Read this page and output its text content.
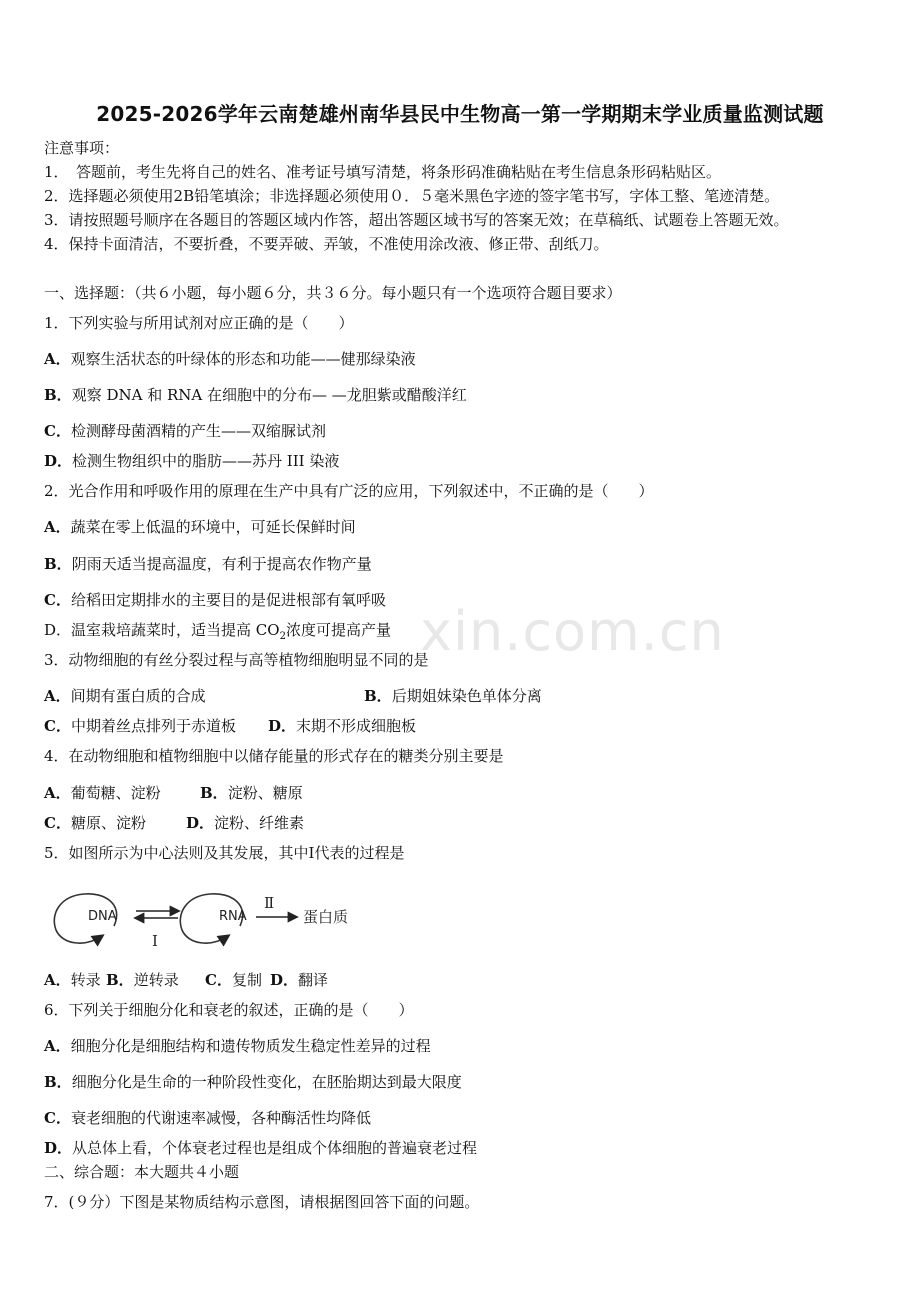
2025-2026学年云南楚雄州南华县民中生物高一第一学期期末学业质量监测试题
注意事项：
1．　答题前，考生先将自己的姓名、准考证号填写清楚，将条形码准确粘贴在考生信息条形码粘贴区。
2．选择题必须使用2B铅笔填涂；非选择题必须使用０．５毫米黑色字迹的签字笔书写，字体工整、笔迹清楚。
3．请按照题号顺序在各题目的答题区域内作答，超出答题区域书写的答案无效；在草稿纸、试题卷上答题无效。
4．保持卡面清洁，不要折叠，不要弄破、弄皱，不准使用涂改液、修正带、刮纸刀。
一、选择题：（共６小题，每小题６分，共３６分。每小题只有一个选项符合题目要求）
1．下列实验与所用试剂对应正确的是（　　）
A．观察生活状态的叶绿体的形态和功能——健那绿染液
B．观察 DNA 和 RNA 在细胞中的分布— —龙胆紫或醋酸洋红
C．检测酵母菌酒精的产生——双缩脲试剂
D．检测生物组织中的脂肪——苏丹 III 染液
2．光合作用和呼吸作用的原理在生产中具有广泛的应用，下列叙述中，不正确的是（　　）
A．蔬菜在零上低温的环境中，可延长保鲜时间
B．阴雨天适当提高温度，有利于提高农作物产量
C．给稻田定期排水的主要目的是促进根部有氧呼吸
D．温室栽培蔬菜时，适当提高 $CO_2$浓度可提高产量 xin.com.cn
3．动物细胞的有丝分裂过程与高等植物细胞明显不同的是
A．间期有蛋白质的合成	B．后期姐妹染色单体分离
C．中期着丝点排列于赤道板 D．末期不形成细胞板
4．在动物细胞和植物细胞中以储存能量的形式存在的糖类分别主要是
A．葡萄糖、淀粉	B．淀粉、糖原
C．糖原、淀粉	D．淀粉、纤维素
5．如图所示为中心法则及其发展，其中Ⅰ代表的过程是
DNA
Ⅰ
RNA
Ⅱ
蛋白质
A．转录 B．逆转录 C．复制 D．翻译
6．下列关于细胞分化和衰老的叙述，正确的是（　　）
A．细胞分化是细胞结构和遗传物质发生稳定性差异的过程
B．细胞分化是生命的一种阶段性变化，在胚胎期达到最大限度
C．衰老细胞的代谢速率减慢，各种酶活性均降低
D．从总体上看，个体衰老过程也是组成个体细胞的普遍衰老过程
二、综合题：本大题共４小题
7．(９分）下图是某物质结构示意图，请根据图回答下面的问题。
